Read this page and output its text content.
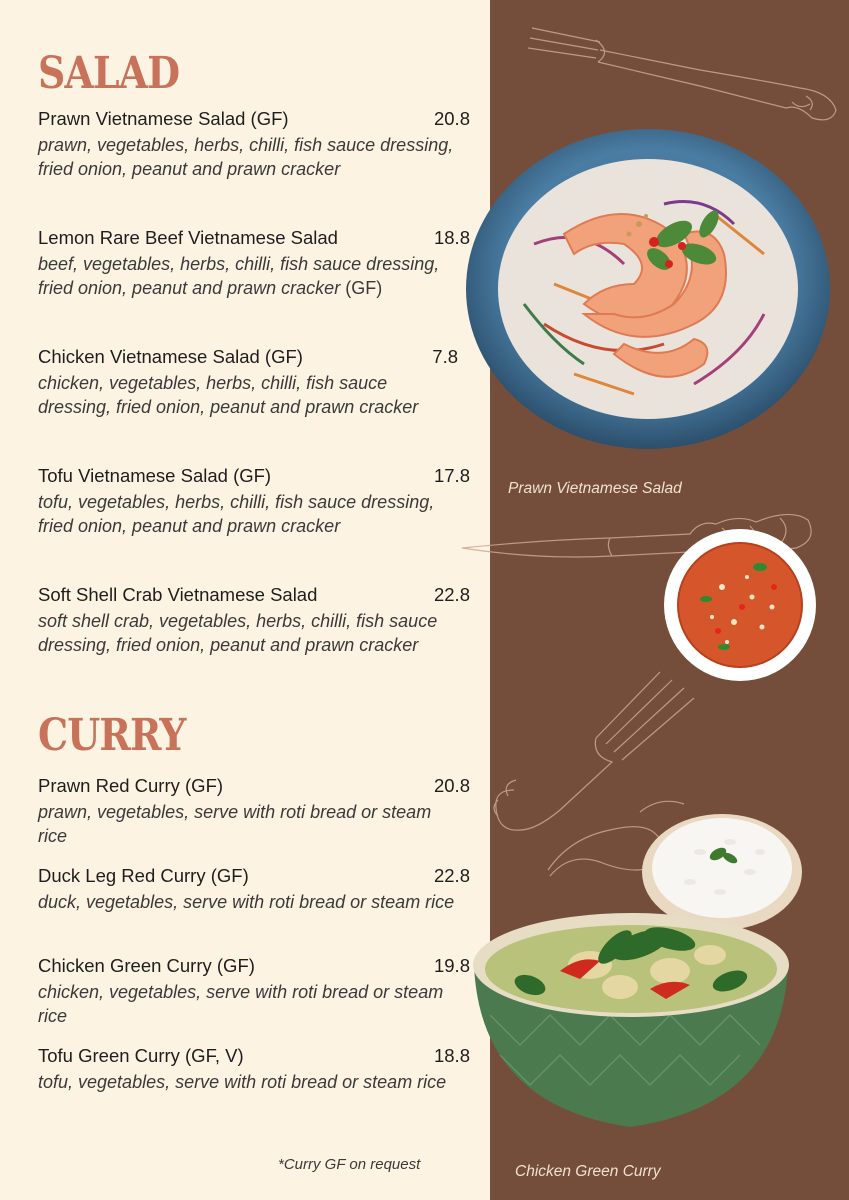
SALAD
Prawn Vietnamese Salad (GF)	20.8
prawn, vegetables, herbs, chilli, fish sauce dressing, fried onion, peanut and prawn cracker
Lemon Rare Beef Vietnamese Salad	18.8
beef, vegetables, herbs, chilli, fish sauce dressing, fried onion, peanut and prawn cracker (GF)
Chicken Vietnamese Salad (GF)	7.8
chicken, vegetables, herbs, chilli, fish sauce dressing, fried onion, peanut and prawn cracker
Tofu Vietnamese Salad (GF)	17.8
tofu, vegetables, herbs, chilli, fish sauce dressing, fried onion, peanut and prawn cracker
Soft Shell Crab Vietnamese Salad	22.8
soft shell crab, vegetables, herbs, chilli, fish sauce dressing, fried onion, peanut and prawn cracker
CURRY
Prawn Red Curry (GF)	20.8
prawn, vegetables, serve with roti bread or steam rice
Duck Leg Red Curry (GF)	22.8
duck, vegetables, serve with roti bread or steam rice
Chicken Green Curry (GF)	19.8
chicken, vegetables, serve with roti bread or steam rice
Tofu Green Curry (GF, V)	18.8
tofu, vegetables, serve with roti bread or steam rice
*Curry GF on request
Prawn Vietnamese Salad
Chicken Green Curry
